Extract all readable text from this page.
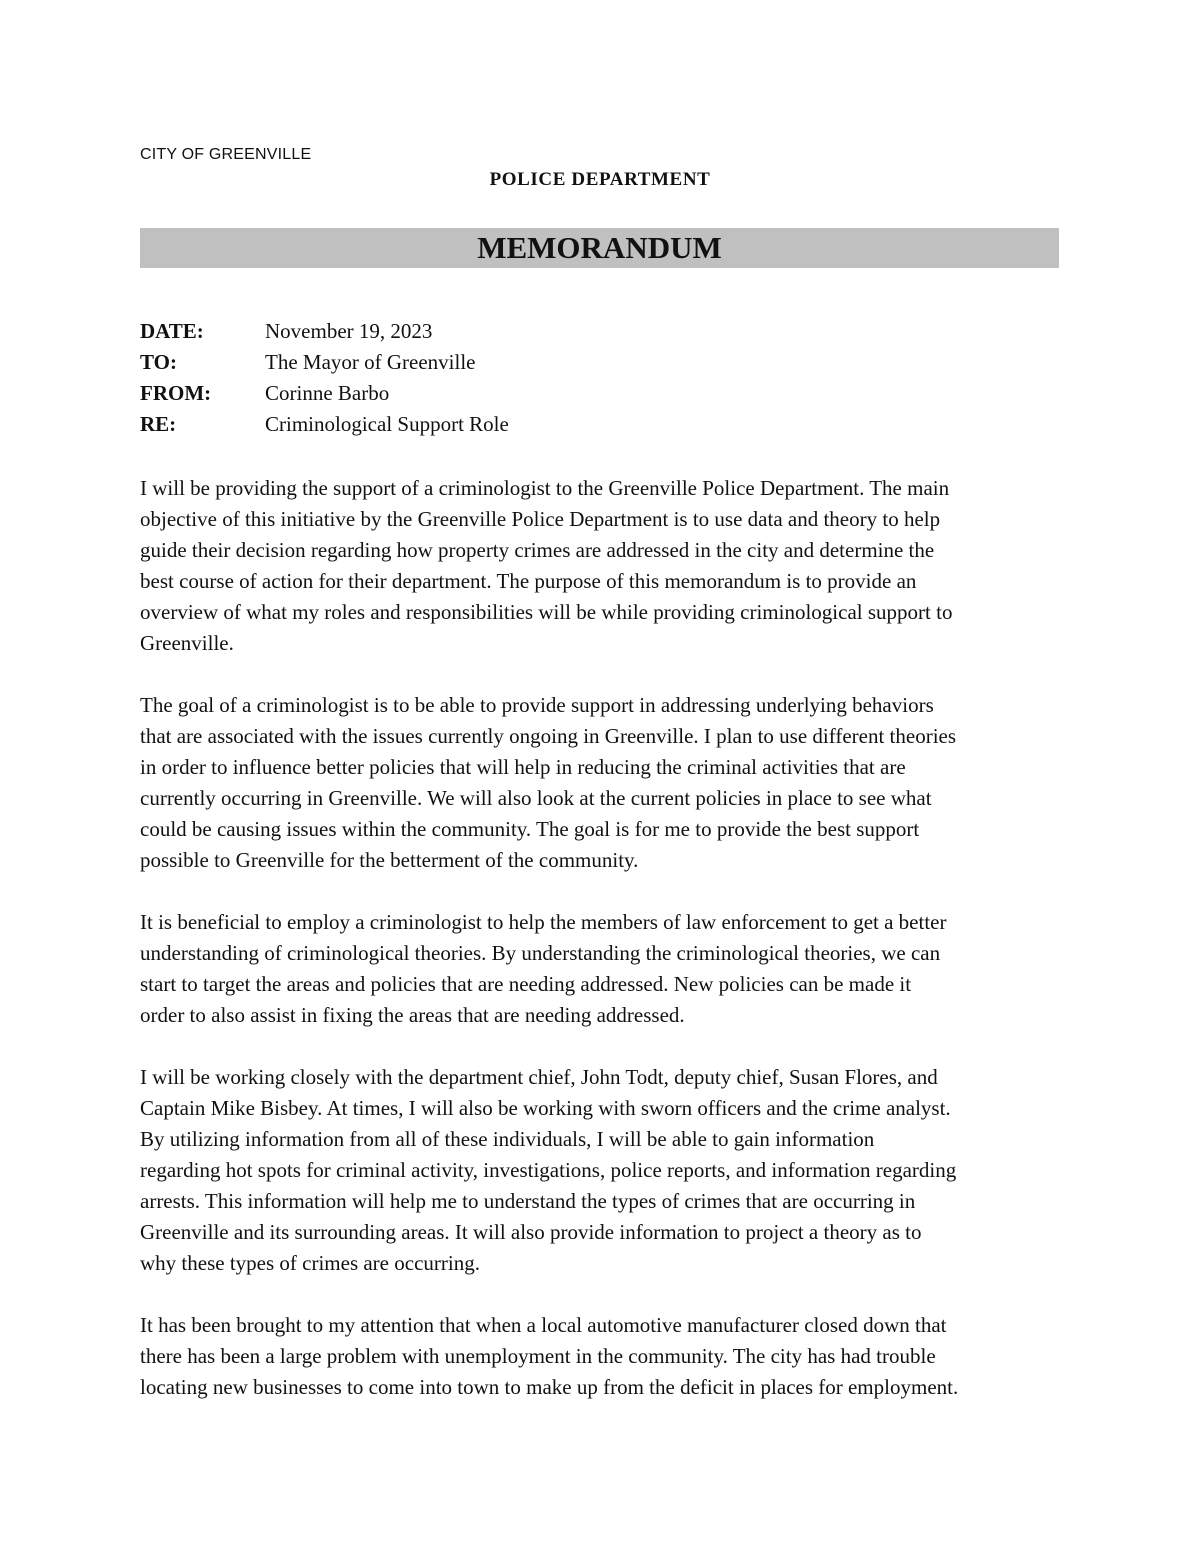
CITY OF GREENVILLE
POLICE DEPARTMENT
MEMORANDUM
DATE:	November 19, 2023
TO:	The Mayor of Greenville
FROM:	Corinne Barbo
RE:	Criminological Support Role
I will be providing the support of a criminologist to the Greenville Police Department. The main
objective of this initiative by the Greenville Police Department is to use data and theory to help
guide their decision regarding how property crimes are addressed in the city and determine the
best course of action for their department. The purpose of this memorandum is to provide an
overview of what my roles and responsibilities will be while providing criminological support to
Greenville.
The goal of a criminologist is to be able to provide support in addressing underlying behaviors
that are associated with the issues currently ongoing in Greenville. I plan to use different theories
in order to influence better policies that will help in reducing the criminal activities that are
currently occurring in Greenville. We will also look at the current policies in place to see what
could be causing issues within the community. The goal is for me to provide the best support
possible to Greenville for the betterment of the community.
It is beneficial to employ a criminologist to help the members of law enforcement to get a better
understanding of criminological theories. By understanding the criminological theories, we can
start to target the areas and policies that are needing addressed. New policies can be made it
order to also assist in fixing the areas that are needing addressed.
I will be working closely with the department chief, John Todt, deputy chief, Susan Flores, and
Captain Mike Bisbey. At times, I will also be working with sworn officers and the crime analyst.
By utilizing information from all of these individuals, I will be able to gain information
regarding hot spots for criminal activity, investigations, police reports, and information regarding
arrests. This information will help me to understand the types of crimes that are occurring in
Greenville and its surrounding areas. It will also provide information to project a theory as to
why these types of crimes are occurring.
It has been brought to my attention that when a local automotive manufacturer closed down that
there has been a large problem with unemployment in the community. The city has had trouble
locating new businesses to come into town to make up from the deficit in places for employment.
